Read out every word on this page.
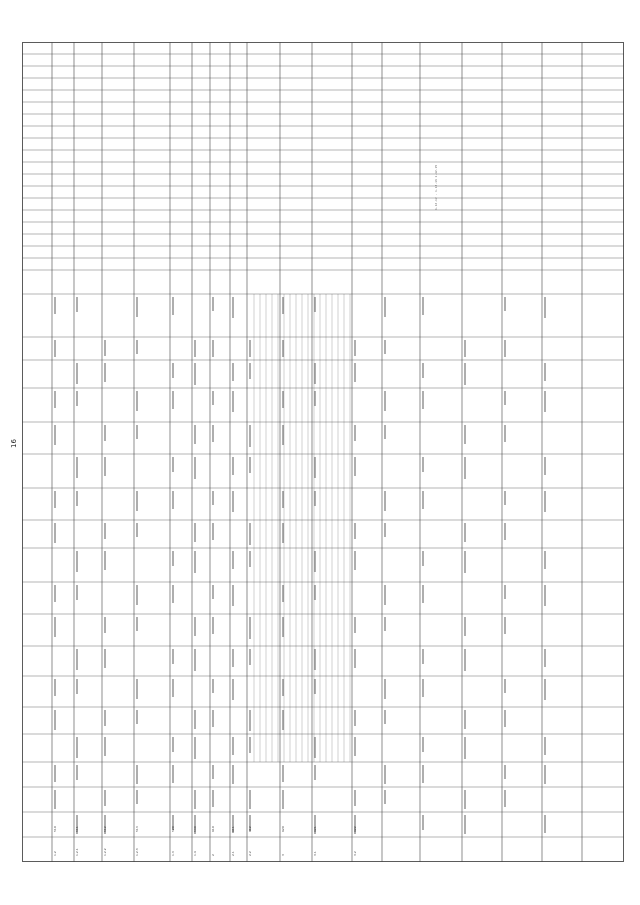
16
1.2
510
1.2.1
511
1.2.2
512
1.2.3
513
1.3
520
1.4
530
2
610
2.1
611
2.2
612
3
620
3.1
621
3.2
622
1.12.12 - 1.12.13 1.12.15
